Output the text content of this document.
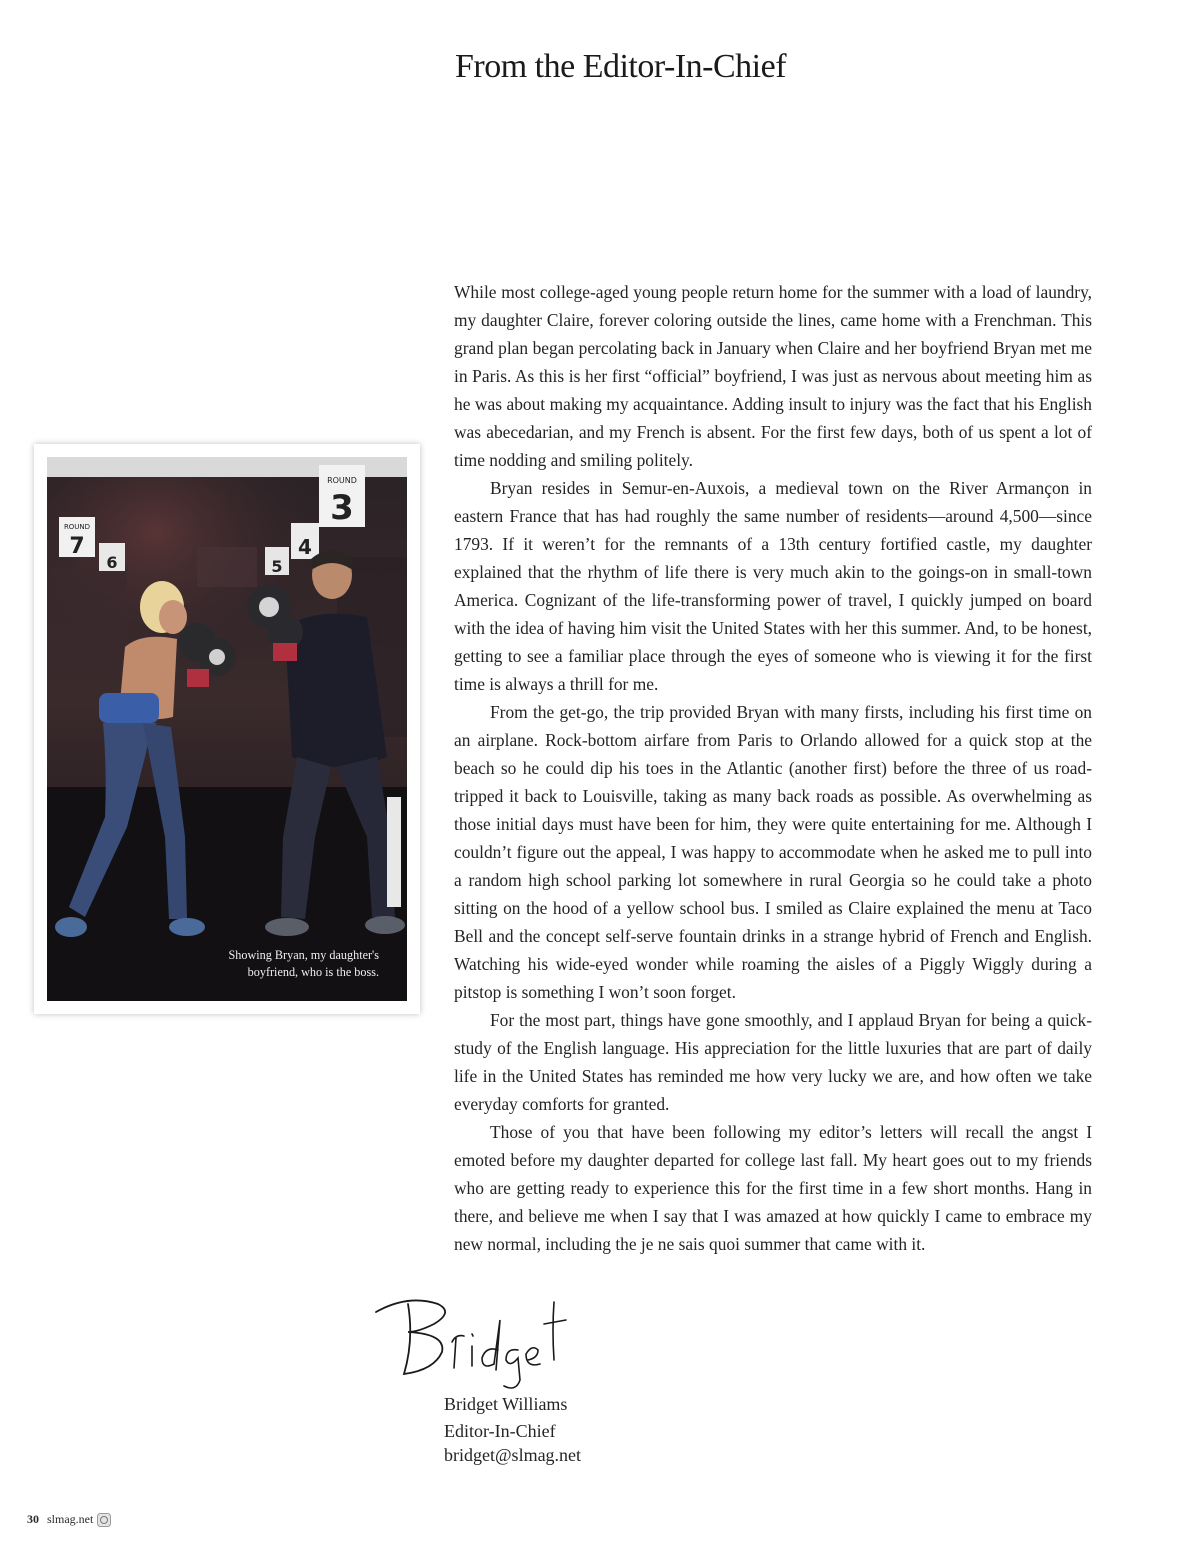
From the Editor-In-Chief

While most college-aged young people return home for the summer with a load of laundry, my daughter Claire, forever coloring outside the lines, came home with a Frenchman. This grand plan began percolating back in January when Claire and her boyfriend Bryan met me in Paris. As this is her first “official” boyfriend, I was just as nervous about meeting him as he was about making my acquaintance. Adding insult to injury was the fact that his English was abecedarian, and my French is absent. For the first few days, both of us spent a lot of time nodding and smiling politely.

Bryan resides in Semur-en-Auxois, a medieval town on the River Armançon in eastern France that has had roughly the same number of residents—around 4,500—since 1793. If it weren’t for the remnants of a 13th century fortified castle, my daughter explained that the rhythm of life there is very much akin to the goings-on in small-town America. Cognizant of the life-transforming power of travel, I quickly jumped on board with the idea of having him visit the United States with her this summer. And, to be honest, getting to see a familiar place through the eyes of someone who is viewing it for the first time is always a thrill for me.

From the get-go, the trip provided Bryan with many firsts, including his first time on an airplane. Rock-bottom airfare from Paris to Orlando allowed for a quick stop at the beach so he could dip his toes in the Atlantic (another first) before the three of us road-tripped it back to Louisville, taking as many back roads as possible. As overwhelming as those initial days must have been for him, they were quite entertaining for me. Although I couldn’t figure out the appeal, I was happy to accommodate when he asked me to pull into a random high school parking lot somewhere in rural Georgia so he could take a photo sitting on the hood of a yellow school bus. I smiled as Claire explained the menu at Taco Bell and the concept self-serve fountain drinks in a strange hybrid of French and English. Watching his wide-eyed wonder while roaming the aisles of a Piggly Wiggly during a pitstop is something I won’t soon forget.

For the most part, things have gone smoothly, and I applaud Bryan for being a quick-study of the English language. His appreciation for the little luxuries that are part of daily life in the United States has reminded me how very lucky we are, and how often we take everyday comforts for granted.

Those of you that have been following my editor’s letters will recall the angst I emoted before my daughter departed for college last fall. My heart goes out to my friends who are getting ready to experience this for the first time in a few short months. Hang in there, and believe me when I say that I was amazed at how quickly I came to embrace my new normal, including the je ne sais quoi summer that came with it.

ROUND
7
6	5
4
ROUND
3
Showing Bryan, my daughter's
boyfriend, who is the boss.
Bridget Williams
Editor-In-Chief
bridget@slmag.net
30 slmag.net
